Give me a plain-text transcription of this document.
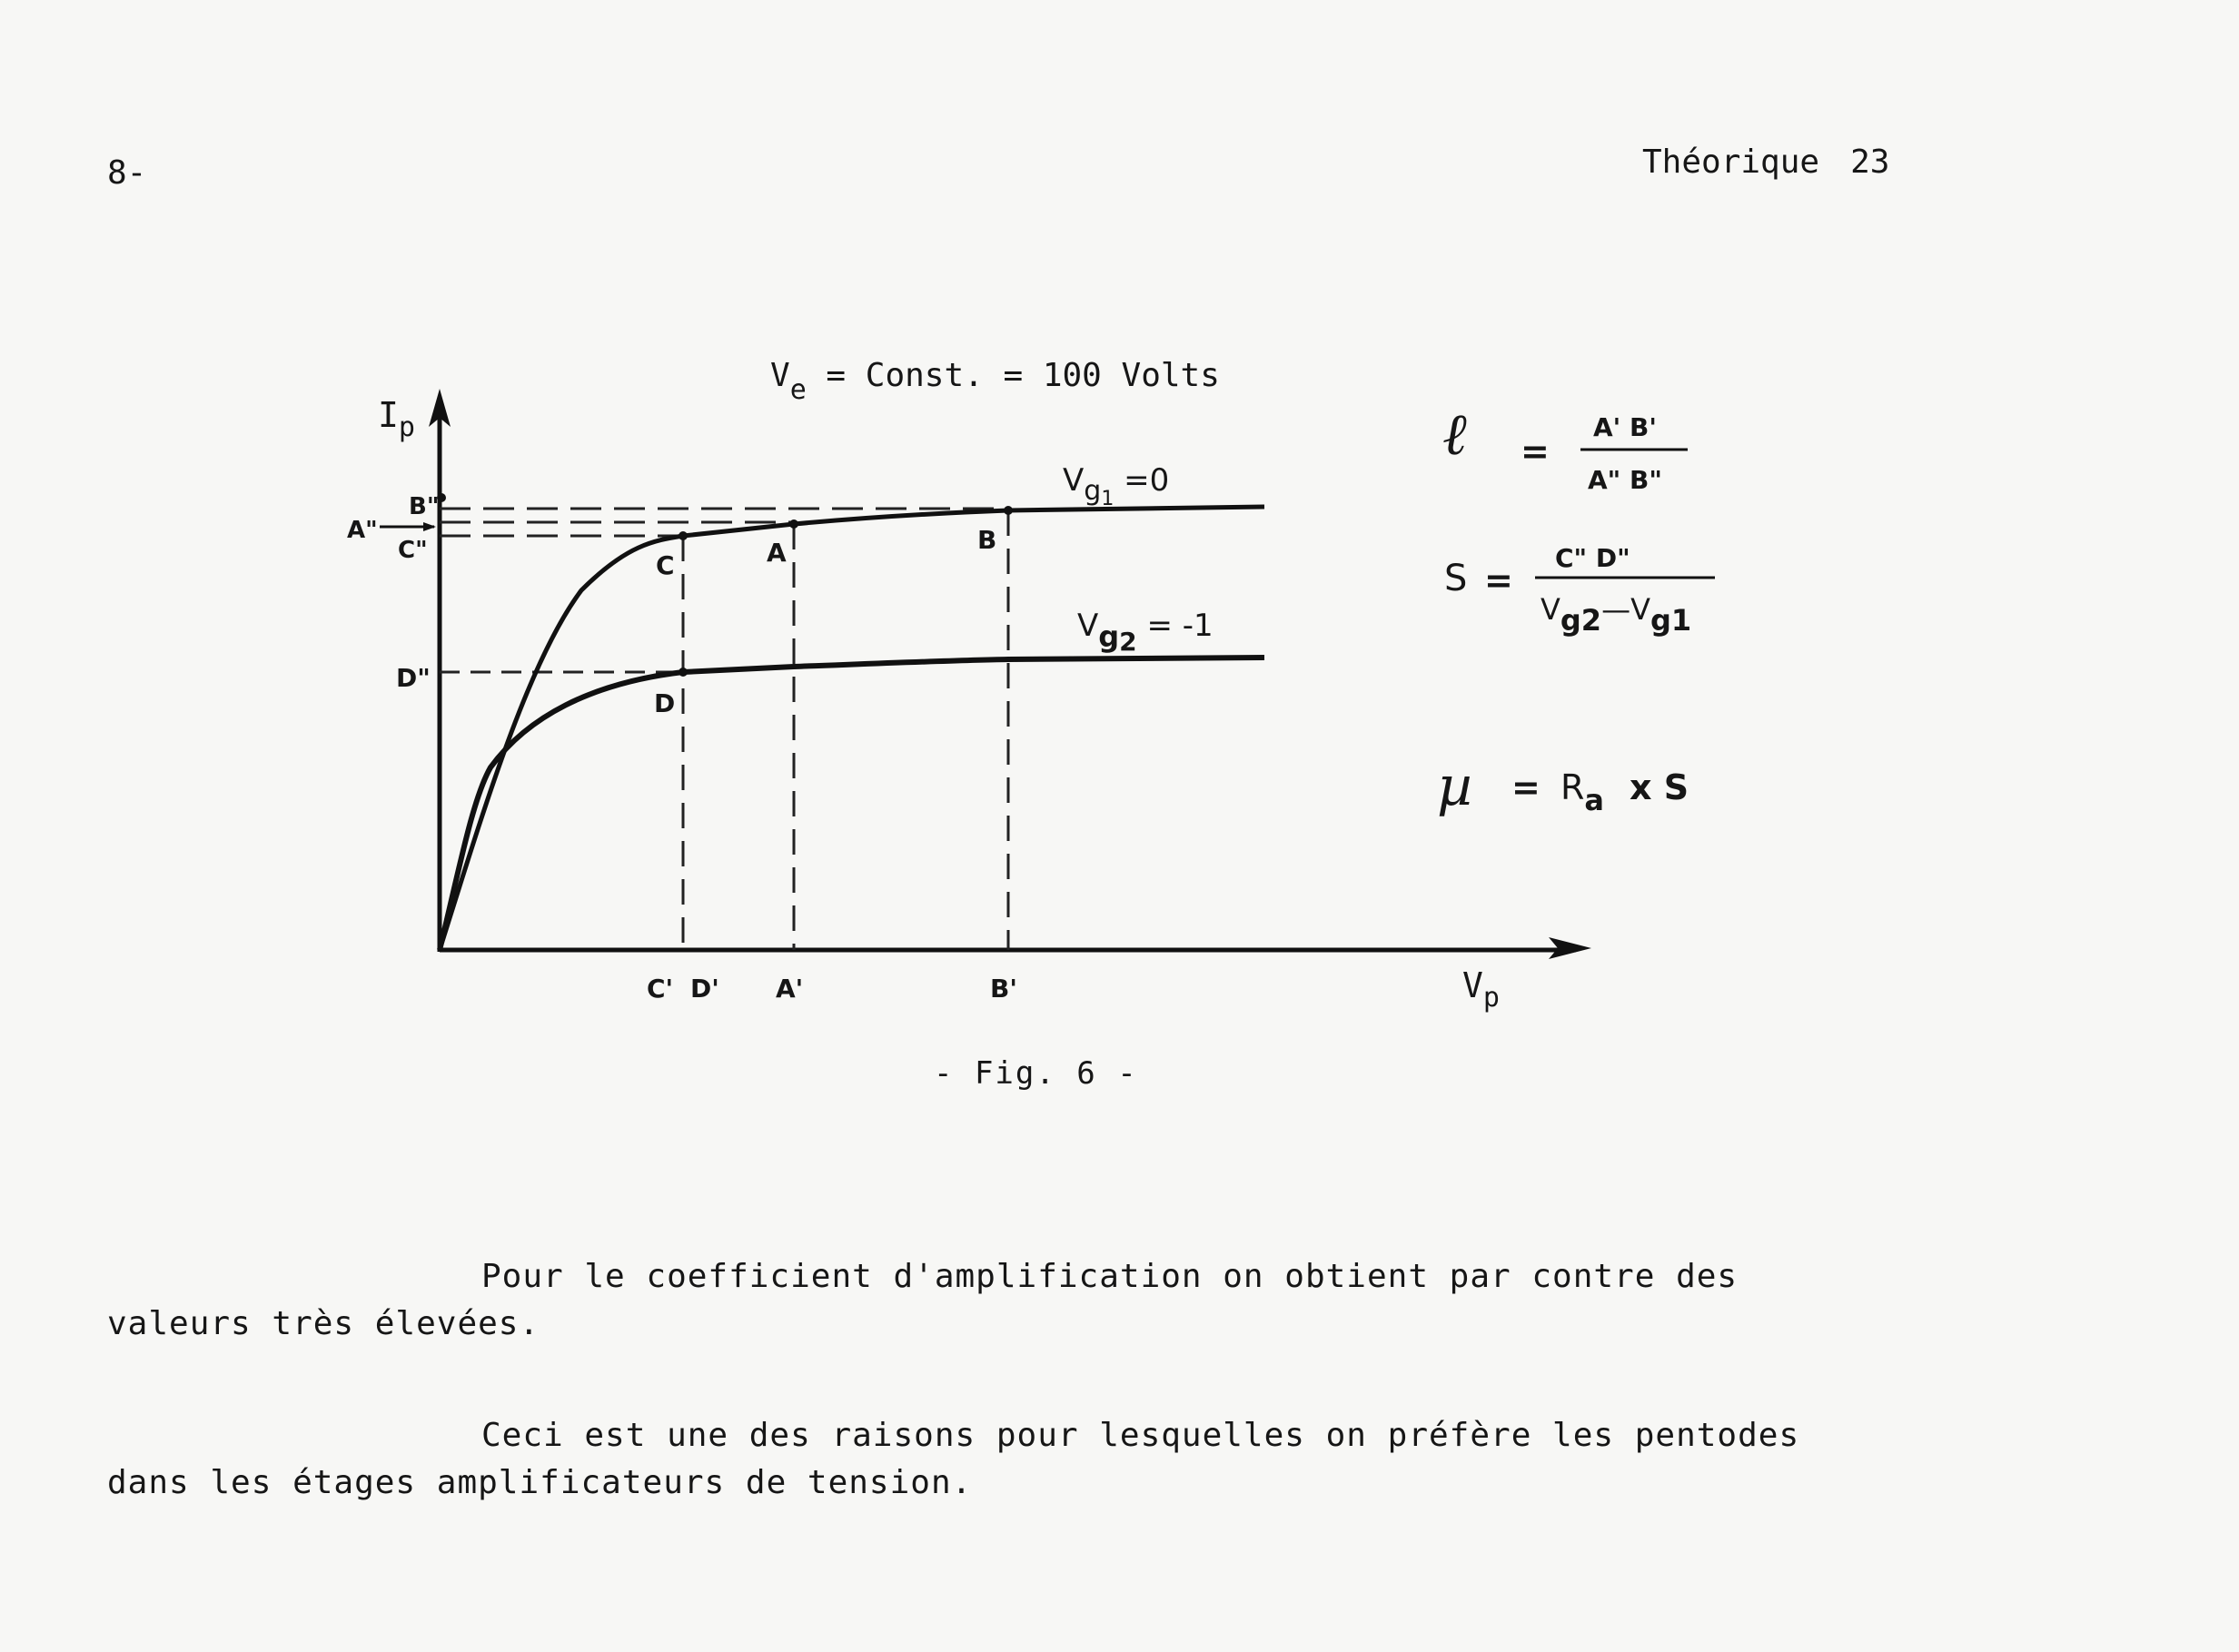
8-	Théorique 23
$V_e$ = Const. = 100 Volts
$I_p$
$V_p$
B"
A"
C"
D"
C	A	B
D
Vg1 =0
Vg2 = -1
C' D' A'	B'
ℓ =
A' B'
A" B"
S =
C" D"
Vg2—Vg1
$\mu = R_a$ x S
- Fig. 6 -
Pour le coefficient d'amplification on obtient par contre des
valeurs très élevées.
Ceci est une des raisons pour lesquelles on préfère les pentodes
dans les étages amplificateurs de tension.
